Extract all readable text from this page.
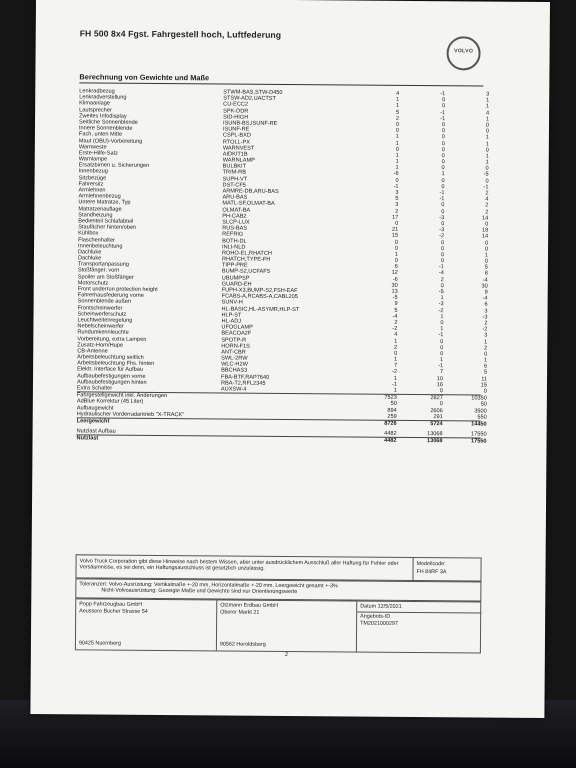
FH 500 8x4 Fgst. Fahrgestell hoch, Luftfederung
VOLVO
Berechnung von Gewichte und Maße
Lenkradbezug	STWM-BAS,STW-D450	4	-1	3
Lenkradverstellung	STSW-AD2,UACTST	1	0	1
Klimaanlage	CU-ECC2	1	0	1
Lautsprecher	SPK-DDR	5	-1	4
Zweites Infodisplay	SID-HIGH	2	-1	1
Seitliche Sonnenblende	ISUNB-BS,ISUNF-RE	0	0	0
Innere Sonnenblende	ISUNF-RE	0	0	0
Fach, unten Mitte	CSPL-BXD	1	0	1
Maut (OBU)-Vorbereitung	RTOLL-PX	1	0	1
Warnweste	WARNVEST	0	0	0
Erste-Hilfe-Satz	AIDKIT1B	1	0	1
Warnlampe	WARNLAMP	1	0	1
Ersatzbirnen u. Sicherungen	BULBKIT	1	0	0
Innenbezug	TRIM-RB	-6	1	-5
Sitzbezüge	SUPH-VT	0	0	0
Fahrersitz	DST-CF5	-1	0	-1
Armlehnen	ARMRE-DB,ARU-BAS	3	-1	2
Armlehnenbezug	ARU-BAS	5	-1	4
Untere Matratze, Typ	MATL-SF,OLMAT-BA	3	0	2
Matratzenauflage	OLMAT-BA	2	0	2
Standheizung	PH-CAB2	17	-3	14
Bedienteil Schlafabteil	SLCP-LUX	0	0	0
Staufächer hinten/oben	RUS-BAS	21	-3	18
Kühlbox	REFRIG	15	-2	14
Flaschenhalter	BOTH-DL	0	0	0
Innenbeleuchtung	INLI-NLD	0	0	0
Dachluke	ROHO-EL,RHATCH	1	0	1
Dachluke	RHATCH,TYPE-FH	0	0	0
Transportanpassung	TIPP-PRE	6	-1	5
Stoßfänger, vorn	BUMP-S2,UCFAFS	12	-4	8
Spoiler am Stoßfänger	UBUMPSP	-6	2	-4
Motorschutz	GUARD-EH	30	0	30
Front underrun protection height	FUPH-X3,BUMP-S2,FSH-EAF	13	-5	9
Fahrerhausfederung vorne	FCABS-A,RCABS-A,CABL205	-5	1	-4
Sonnenblende außen	SUNV-H	9	-3	6
Frontscheinwerfer	HL-BASIC,HL-ASYMR,HLP-ST	5	-2	3
Scheinwerferschutz	HLP-ST	-4	1	-3
Leuchtweitenregelung	HL-ADJ	2	0	2
Nebelscheinwerfer	UFOGLAMP	-2	1	-2
Rundumkennleuchte	BEACOA2F	4	-1	3
Vorbereitung, extra Lampen	SPOTP-R	1	0	1
Zusatz-Horn/Hupe	HORN-F1S	2	0	2
CB-Antenne	ANT-CBR	0	0	0
Arbeitsbeleuchtung seitlich	SWL-2RW	1	1	1
Arbeitsbeleuchtung Fhs. hinten	WLC-H2W	7	-1	6
Elektr. Interface für Aufbau	BBCHAS3	-2	7	5
Aufbaubefestigungen vorne	FBA-BTF,RAP7640	1	10	11
Aufbaubefestigungen hinten	RBA-T2,RFL2345	-1	16	15
Extra Schalter	AUXSW-4	1	0	0
Fahrgestellgewicht inkl. Änderungen	7523	2827	10350
AdBlue Korrektur (45 Liter)	50	0	50
Aufbaugewicht	894	2606	3500
Hydraulischer Vorderradantrieb "X-TRACK"	259	291	550
Leergewicht	8726	5724	14450
Nutzlast Aufbau	4482	13068	17550
Nutzlast	4482	13068	17550
Volvo Truck Corporation gibt diese Hinweise nach bestem Wissen, aber unter ausdrücklichem Ausschluß aller Haftung für Fehler oder Versäumnisse, es sei denn, ein Haftungsausschluss ist gesetzlich unzulässig.
Modellcode:
FH 84RF 3A
Toleranzen: Volvo-Ausrüstung: Vertikalmaße +-20 mm, Horizontalmaße +-20 mm, Leergewicht gesamt +-3%
Nicht-Volvoausrüstung: Gezeigte Maße und Gewichte sind nur Orientierungswerte
Popp Fahrzeugbau GmbH
Aeussere Bucher Strasse 54
90425 Nuernberg
Otzmann Erdbau GmbH
Oberer Markt 21
90562 Heroldsberg
Datum 12/5/2021
Angebots-ID
TM2021000297
2
